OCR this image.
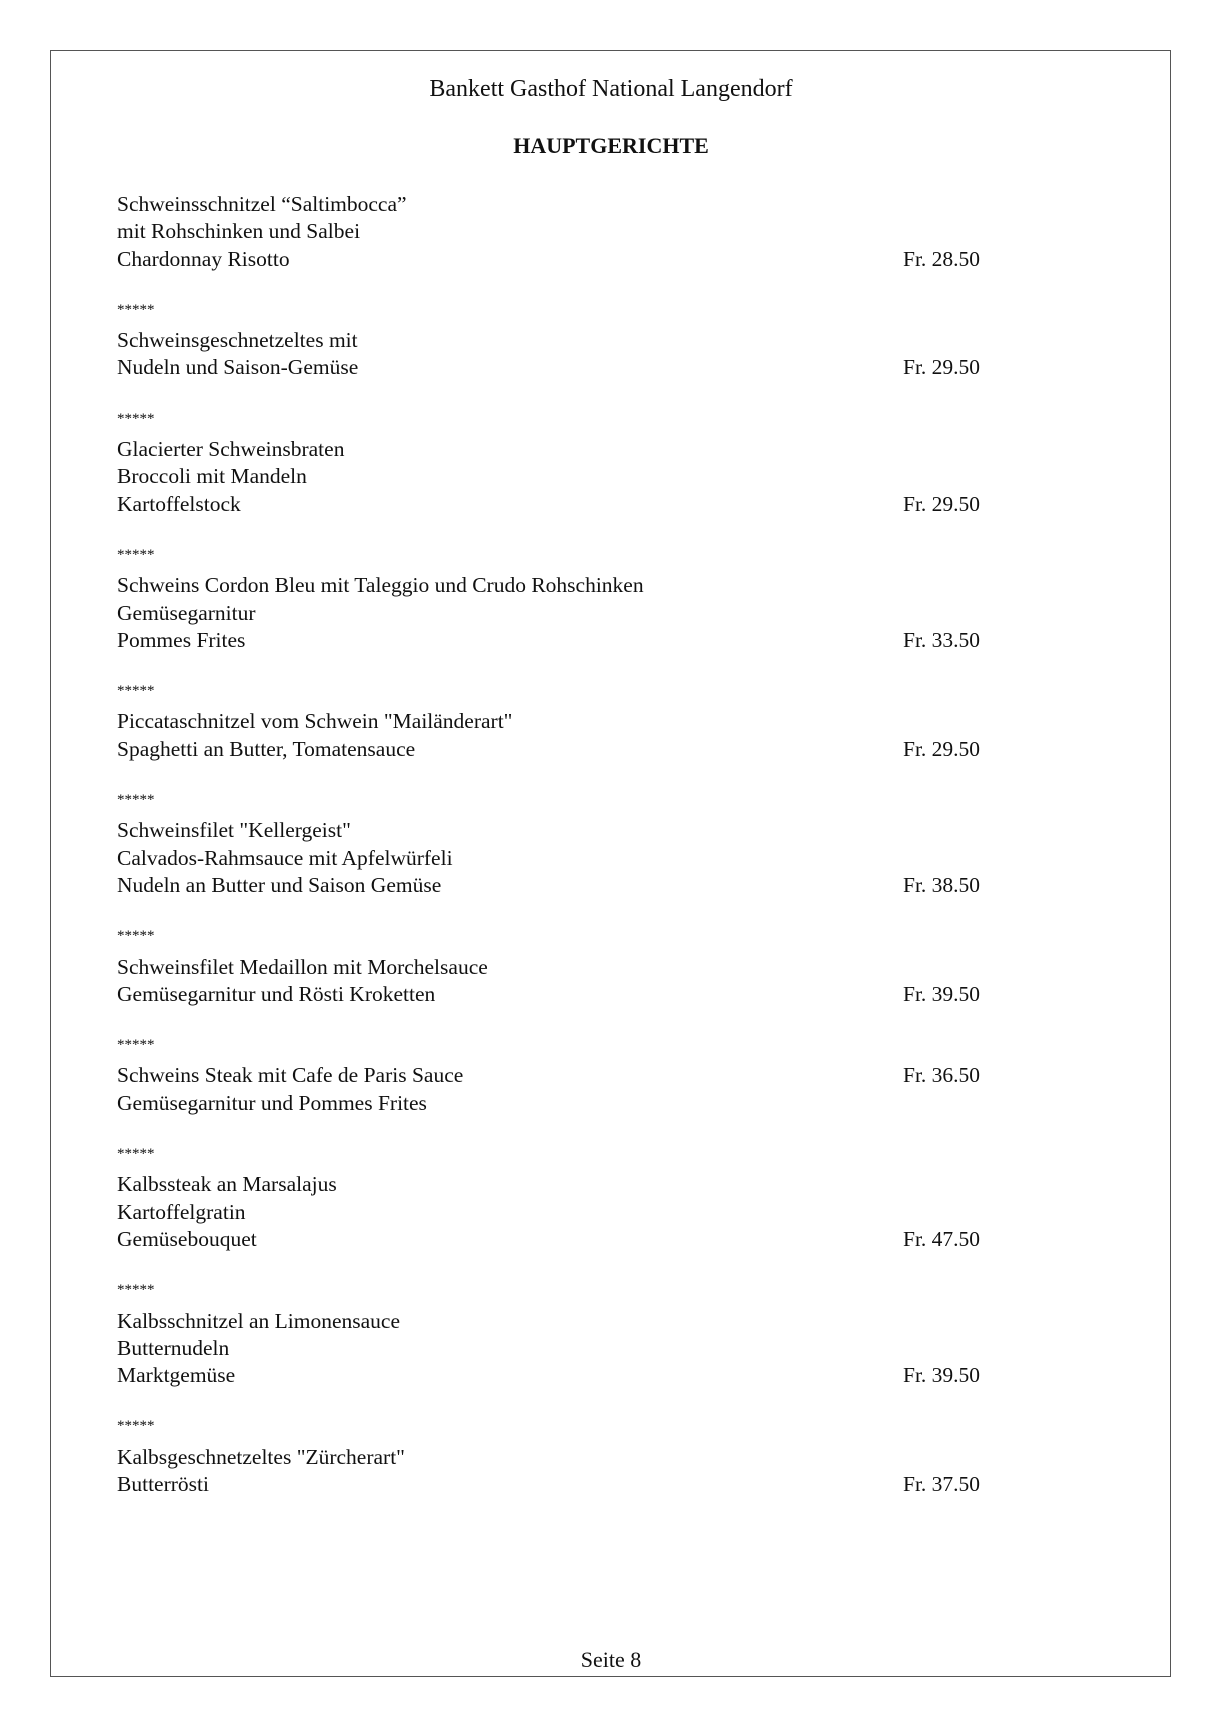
Bankett Gasthof National Langendorf
HAUPTGERICHTE
Schweinsschnitzel “Saltimbocca”
mit Rohschinken und Salbei
Chardonnay Risotto	Fr. 28.50
*****
Schweinsgeschnetzeltes mit
Nudeln und Saison-Gemüse	Fr. 29.50
*****
Glacierter Schweinsbraten
Broccoli mit Mandeln
Kartoffelstock	Fr. 29.50
*****
Schweins Cordon Bleu mit Taleggio und Crudo Rohschinken
Gemüsegarnitur
Pommes Frites	Fr. 33.50
*****
Piccataschnitzel vom Schwein "Mailänderart"
Spaghetti an Butter, Tomatensauce	Fr. 29.50
*****
Schweinsfilet "Kellergeist"
Calvados-Rahmsauce mit Apfelwürfeli
Nudeln an Butter und Saison Gemüse	Fr. 38.50
*****
Schweinsfilet Medaillon mit Morchelsauce
Gemüsegarnitur und Rösti Kroketten	Fr. 39.50
*****
Schweins Steak mit Cafe de Paris Sauce	Fr. 36.50
Gemüsegarnitur und Pommes Frites
*****
Kalbssteak an Marsalajus
Kartoffelgratin
Gemüsebouquet	Fr. 47.50
*****
Kalbsschnitzel an Limonensauce
Butternudeln
Marktgemüse	Fr. 39.50
*****
Kalbsgeschnetzeltes "Zürcherart"
Butterrösti	Fr. 37.50
Seite 8
